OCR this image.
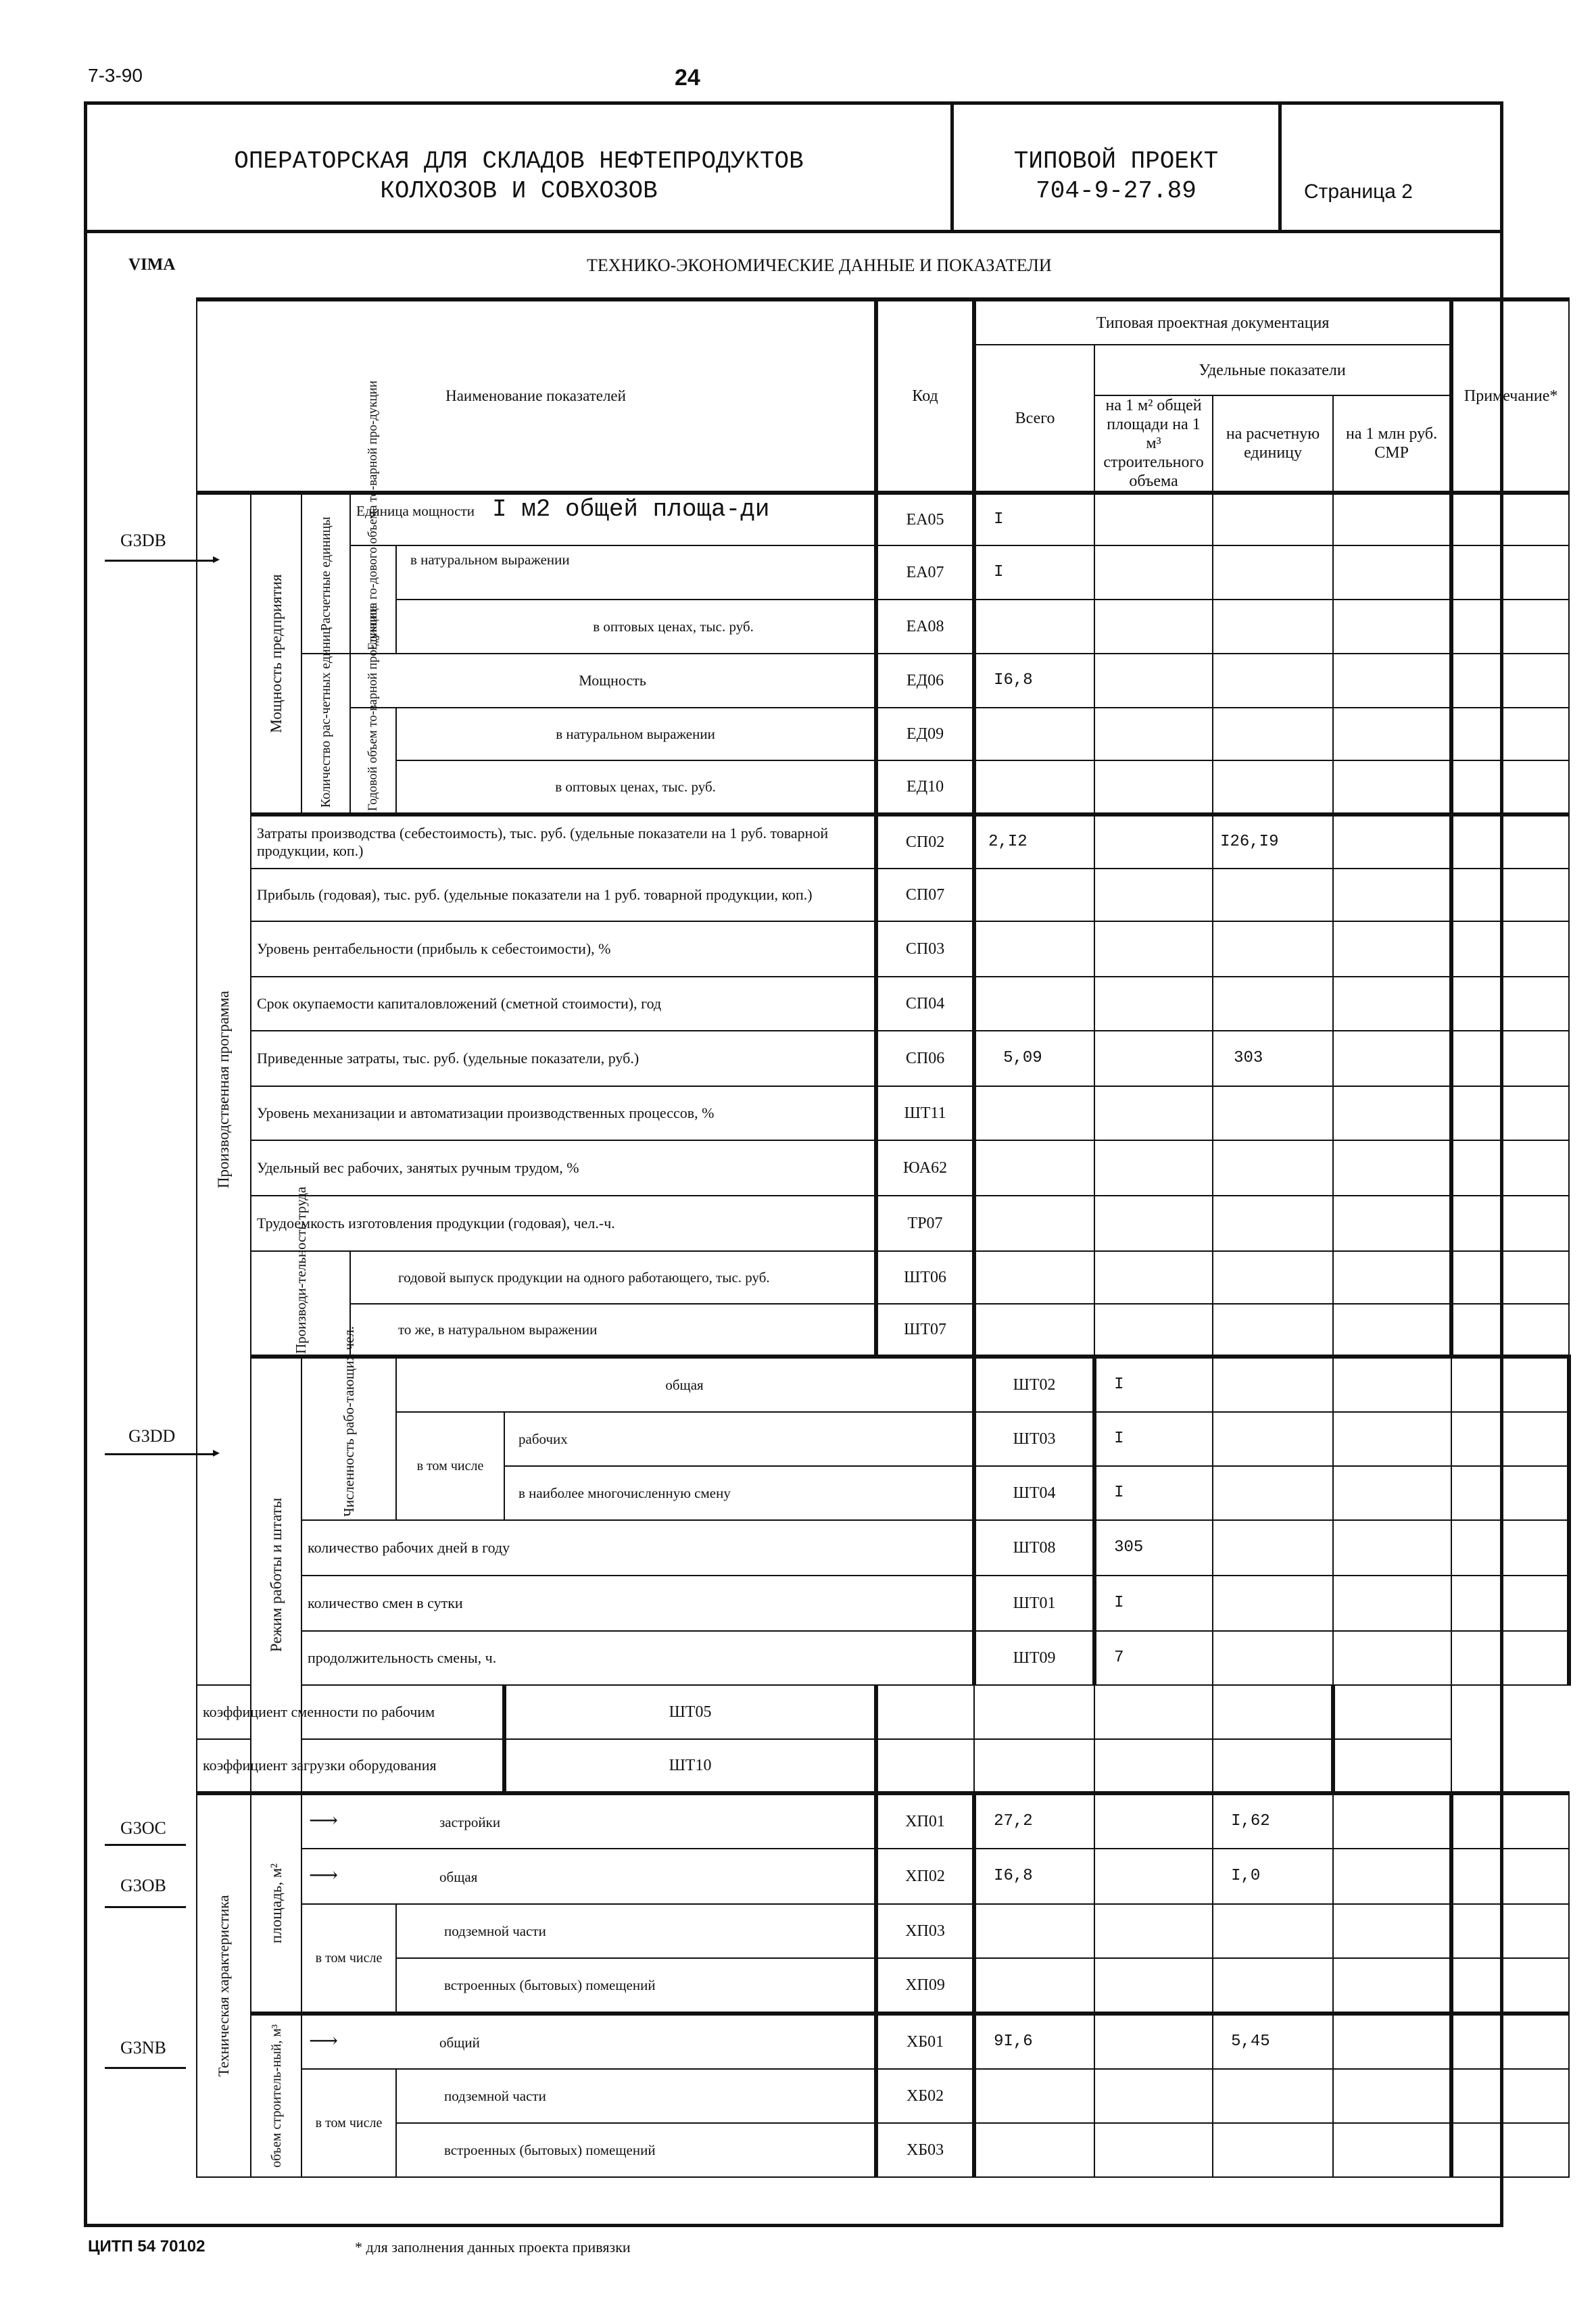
7-3-90	24
ОПЕРАТОРСКАЯ ДЛЯ СКЛАДОВ НЕФТЕПРОДУКТОВ
КОЛХОЗОВ И СОВХОЗОВ
ТИПОВОЙ ПРОЕКТ
704-9-27.89	Страница 2
VIMA	ТЕХНИКО-ЭКОНОМИЧЕСКИЕ ДАННЫЕ И ПОКАЗАТЕЛИ
G3DB
G3DD
G3OC
G3OB
G3NB
Наименование показателей						Код	Типовая проектная документация				Примечание*	
							Всего	Удельные показатели				
								на 1 м² общей площади на 1 м³ строительного объема	на расчетную единицу	на 1 млн руб. СМР		

Производственная программа	Мощность предприятия	Расчетные единицы	Единица мощности I м2 общей площа-ди			ЕА05	I					

			Единица го-дового объема то-варной про-дукции	в натуральном выражении		ЕА07	I					
				в оптовых ценах, тыс. руб.		ЕА08						

		Количество рас-четных единиц	Мощность			ЕД06	I6,8					

			Годовой объем то-варной про-дукции	в натуральном выражении		ЕД09						
				в оптовых ценах, тыс. руб.		ЕД10						
	Затраты производства (себестоимость), тыс. руб. (удельные показатели на 1 руб. товарной продукции, коп.)					СП02	2,I2		I26,I9			
	Прибыль (годовая), тыс. руб. (удельные показатели на 1 руб. товарной продукции, коп.)					СП07						
	Уровень рентабельности (прибыль к себестоимости), %					СП03						
	Срок окупаемости капиталовложений (сметной стоимости), год					СП04						
	Приведенные затраты, тыс. руб. (удельные показатели, руб.)					СП06	5,09		303			
	Уровень механизации и автоматизации производственных процессов, %					ШТ11						
	Удельный вес рабочих, занятых ручным трудом, %					ЮА62						
	Трудоемкость изготовления продукции (годовая), чел.-ч.					ТР07						

	Производи-тельность труда		годовой выпуск продукции на одного работающего, тыс. руб.			ШТ06						
			то же, в натуральном выражении			ШТ07						

	Режим работы и штаты	Численность рабо-тающих чел.		общая			ШТ02	I				
				в том числе	рабочих		ШТ03	I				
					в наиболее многочисленную смену		ШТ04	I				
		количество рабочих дней в году					ШТ08	305				
		количество смен в сутки					ШТ01	I				
		продолжительность смены, ч.					ШТ09	7				
коэффициент сменности по рабочим					ШТ05							
коэффициент загрузки оборудования					ШТ10							

Техническая характеристика	площадь, м²	⟶ застройки				ХП01	27,2		I,62			
		⟶ общая				ХП02	I6,8		I,0			
		в том числе		подземной части		ХП03						
				встроенных (бытовых) помещений		ХП09						

	объем строитель-ный, м³	⟶ общий				ХБ01	9I,6		5,45			
		в том числе		подземной части		ХБ02						
				встроенных (бытовых) помещений		ХБ03						
ЦИТП 54 70102	* для заполнения данных проекта привязки
